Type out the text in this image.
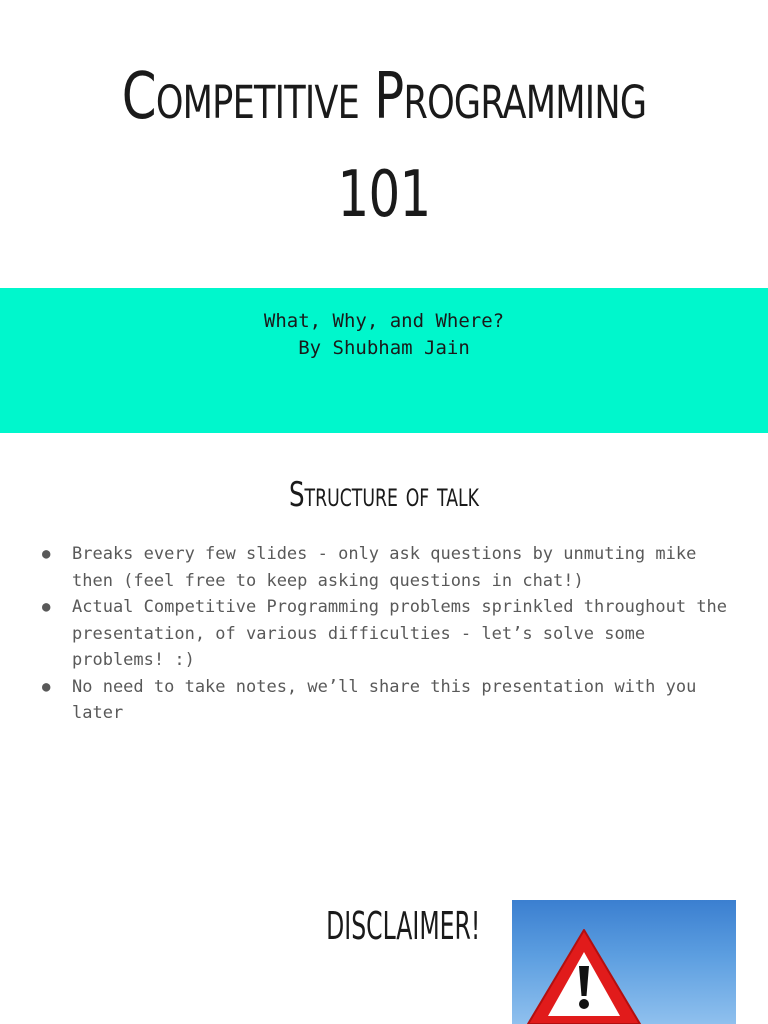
Competitive Programming
101
What, Why, and Where?
By Shubham Jain
Structure of talk
● Breaks every few slides - only ask questions by unmuting mike then (feel free to keep asking questions in chat!)
● Actual Competitive Programming problems sprinkled throughout the presentation, of various difficulties - let’s solve some problems! :)
● No need to take notes, we’ll share this presentation with you later
DISCLAIMER!
